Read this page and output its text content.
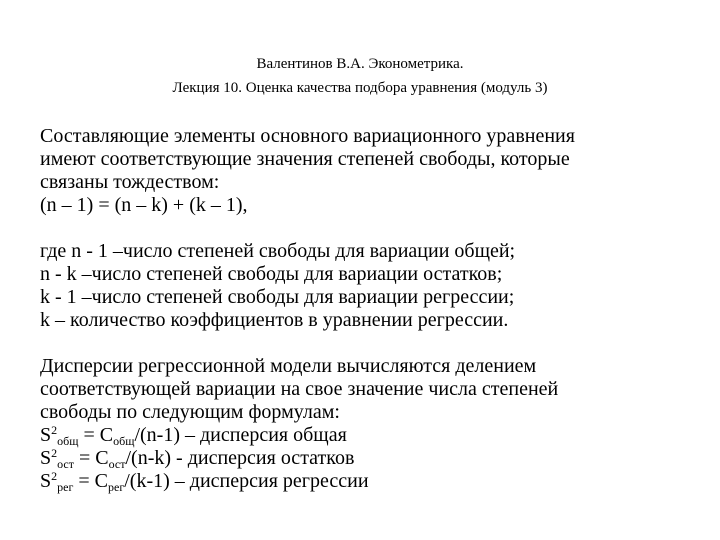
Валентинов В.А. Эконометрика.
Лекция 10. Оценка качества подбора уравнения (модуль 3)
Составляющие элементы основного вариационного уравнения
имеют соответствующие значения степеней свободы, которые
связаны тождеством:
(n – 1) = (n – k) + (k – 1),
где n - 1 –число степеней свободы для вариации общей;
n - k –число степеней свободы для вариации остатков;
k - 1 –число степеней свободы для вариации регрессии;
k – количество коэффициентов в уравнении регрессии.
Дисперсии регрессионной модели вычисляются делением
соответствующей вариации на свое значение числа степеней
свободы по следующим формулам:
$S^2_{общ} = C_{общ}/(n-1)$ – дисперсия общая
$S^2_{ост} = C_{ост}/(n-k)$ - дисперсия остатков
$S^2_{рег} = C_{рег}/(k-1)$ – дисперсия регрессии
